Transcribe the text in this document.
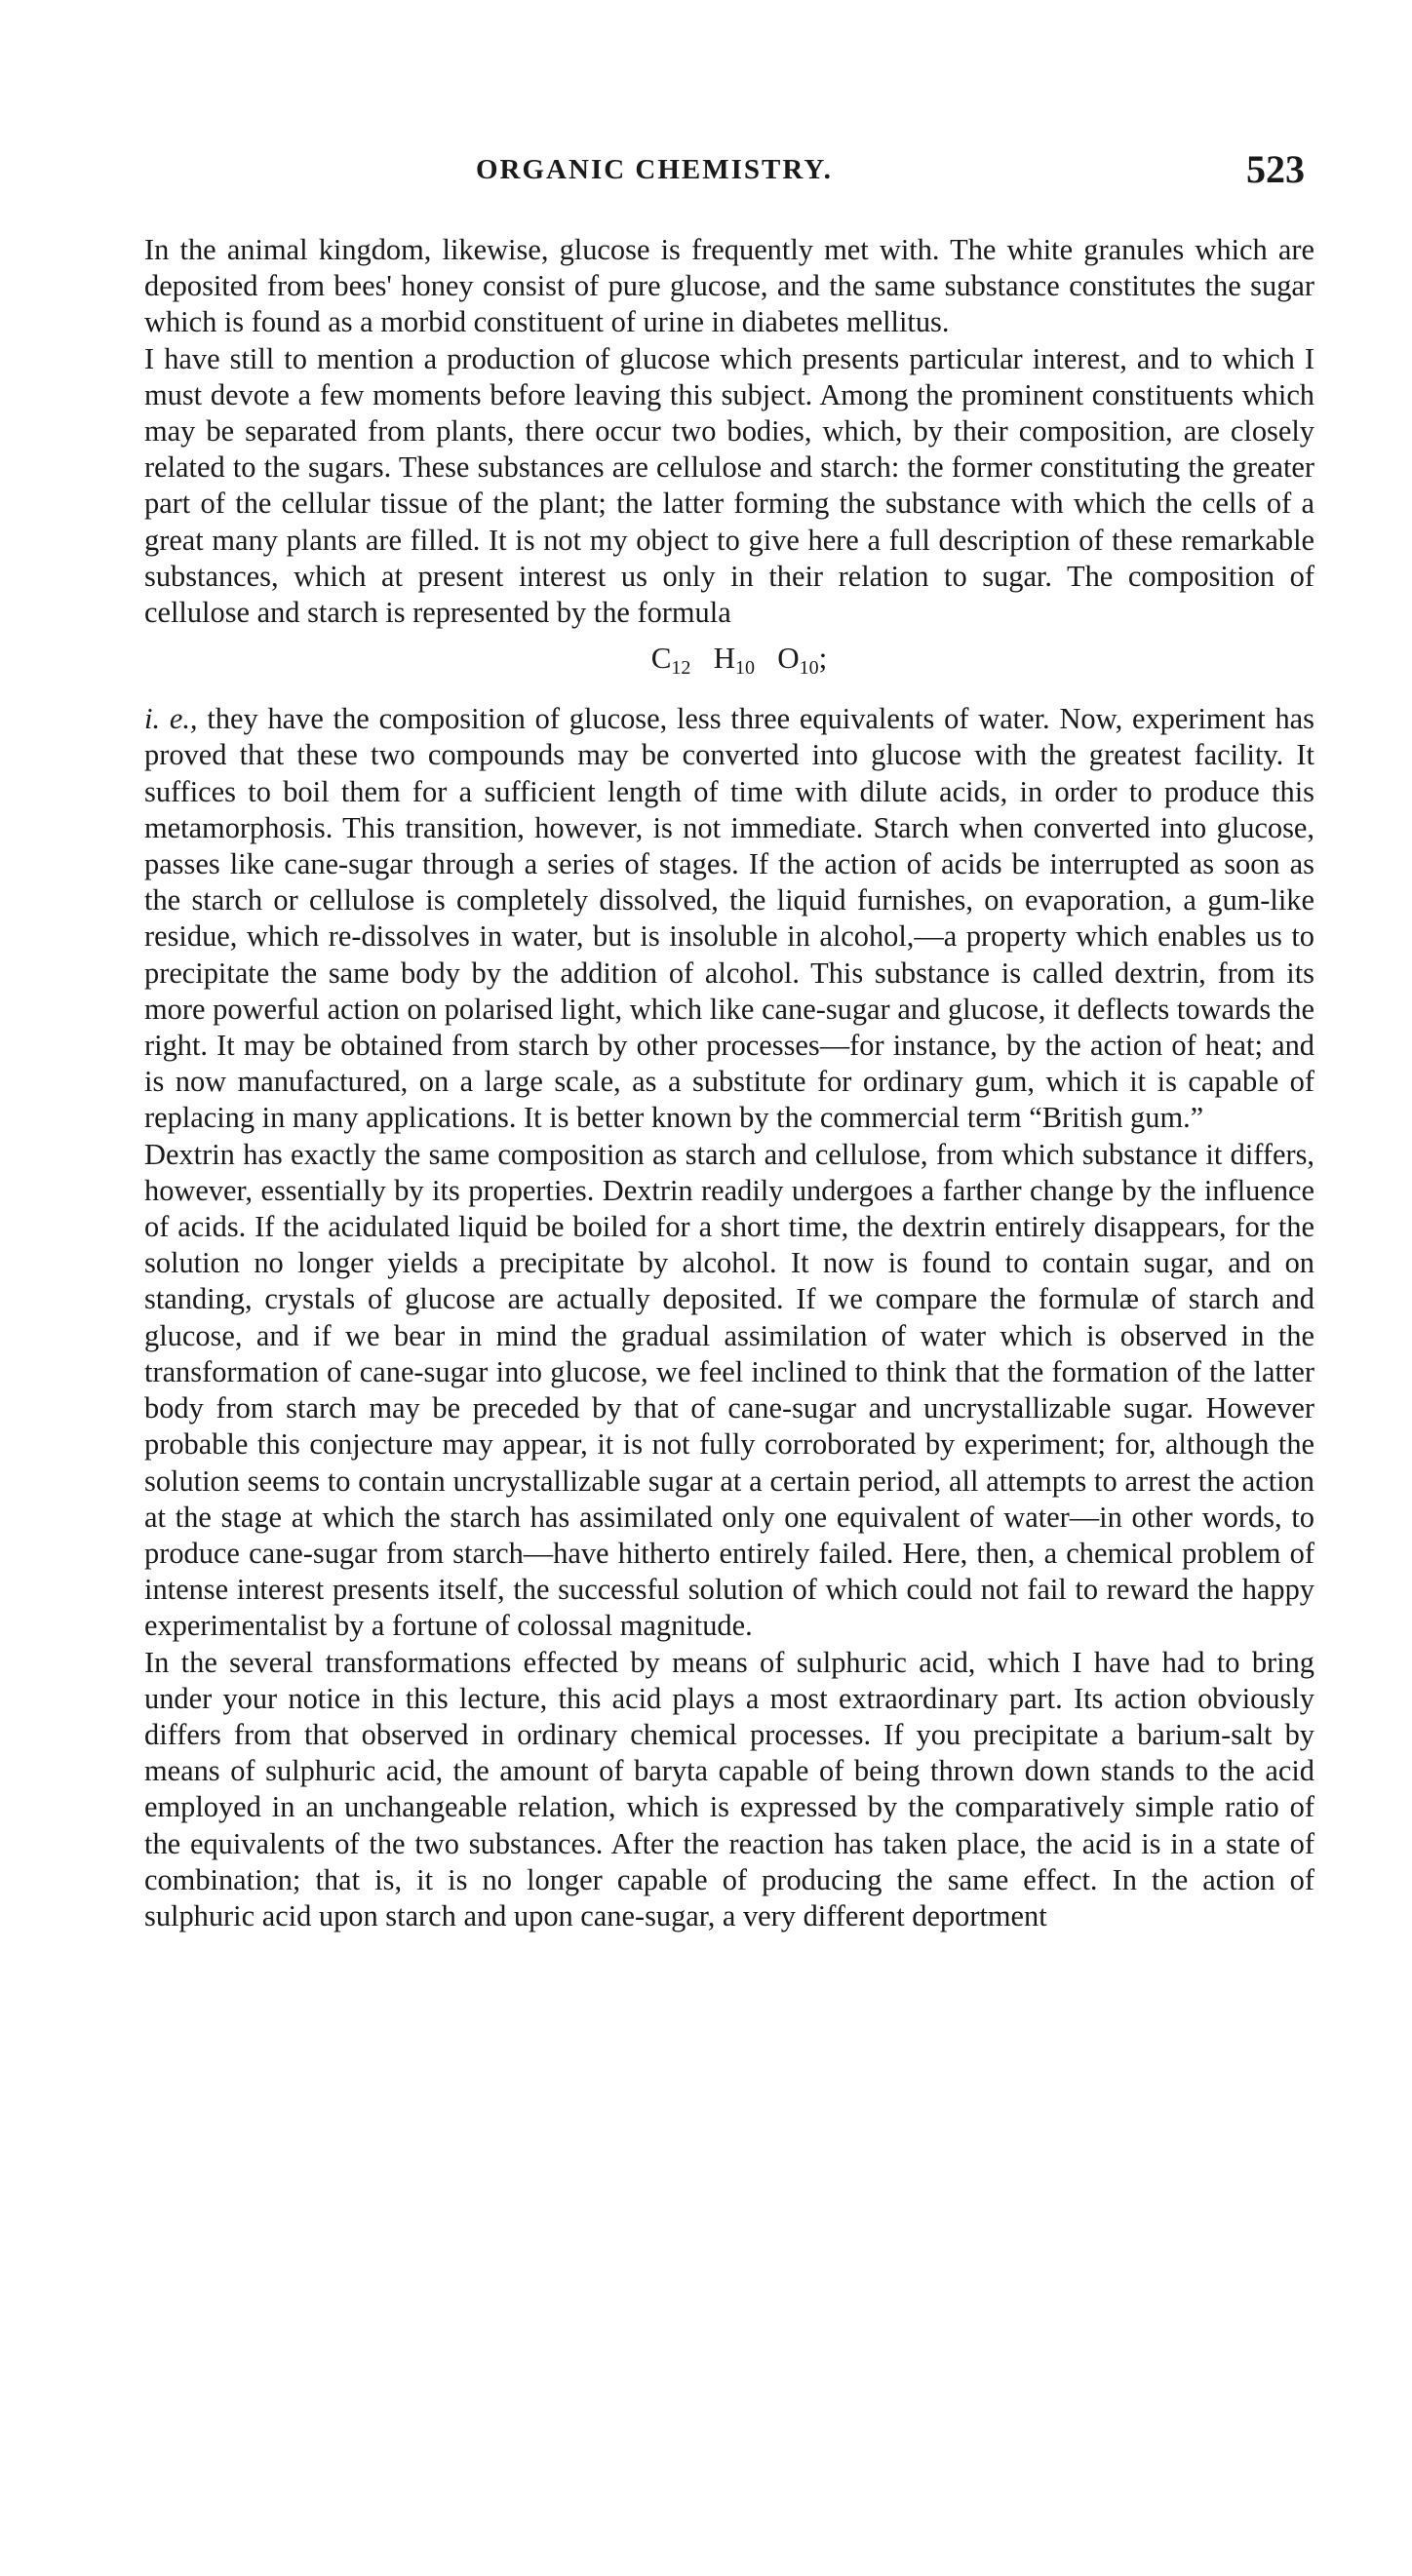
ORGANIC CHEMISTRY.	523

In the animal kingdom, likewise, glucose is frequently met with. The white granules which are deposited from bees' honey consist of pure glucose, and the same substance constitutes the sugar which is found as a morbid constituent of urine in diabetes mellitus.

I have still to mention a production of glucose which presents particular interest, and to which I must devote a few moments before leaving this subject. Among the prominent constituents which may be separated from plants, there occur two bodies, which, by their composition, are closely related to the sugars. These substances are cellulose and starch: the former constituting the greater part of the cellular tissue of the plant; the latter forming the substance with which the cells of a great many plants are filled. It is not my object to give here a full description of these remarkable substances, which at present interest us only in their relation to sugar. The composition of cellulose and starch is represented by the formula

C12 H10 O10;

i. e., they have the composition of glucose, less three equivalents of water. Now, experiment has proved that these two compounds may be converted into glucose with the greatest facility. It suffices to boil them for a sufficient length of time with dilute acids, in order to produce this metamorphosis. This transition, however, is not immediate. Starch when converted into glucose, passes like cane-sugar through a series of stages. If the action of acids be interrupted as soon as the starch or cellulose is completely dissolved, the liquid furnishes, on evaporation, a gum-like residue, which re-dissolves in water, but is insoluble in alcohol,—a property which enables us to precipitate the same body by the addition of alcohol. This substance is called dextrin, from its more powerful action on polarised light, which like cane-sugar and glucose, it deflects towards the right. It may be obtained from starch by other processes—for instance, by the action of heat; and is now manufactured, on a large scale, as a substitute for ordinary gum, which it is capable of replacing in many applications. It is better known by the commercial term “British gum.”

Dextrin has exactly the same composition as starch and cellulose, from which substance it differs, however, essentially by its properties. Dextrin readily undergoes a farther change by the influence of acids. If the acidulated liquid be boiled for a short time, the dextrin entirely disappears, for the solution no longer yields a precipitate by alcohol. It now is found to contain sugar, and on standing, crystals of glucose are actually deposited. If we compare the formulæ of starch and glucose, and if we bear in mind the gradual assimilation of water which is observed in the transformation of cane-sugar into glucose, we feel inclined to think that the formation of the latter body from starch may be preceded by that of cane-sugar and uncrystallizable sugar. However probable this conjecture may appear, it is not fully corroborated by experiment; for, although the solution seems to contain uncrystallizable sugar at a certain period, all attempts to arrest the action at the stage at which the starch has assimilated only one equivalent of water—in other words, to produce cane-sugar from starch—have hitherto entirely failed. Here, then, a chemical problem of intense interest presents itself, the successful solution of which could not fail to reward the happy experimentalist by a fortune of colossal magnitude.

In the several transformations effected by means of sulphuric acid, which I have had to bring under your notice in this lecture, this acid plays a most extraordinary part. Its action obviously differs from that observed in ordinary chemical processes. If you precipitate a barium-salt by means of sulphuric acid, the amount of baryta capable of being thrown down stands to the acid employed in an unchangeable relation, which is expressed by the comparatively simple ratio of the equivalents of the two substances. After the reaction has taken place, the acid is in a state of combination; that is, it is no longer capable of producing the same effect. In the action of sulphuric acid upon starch and upon cane-sugar, a very different deportment
